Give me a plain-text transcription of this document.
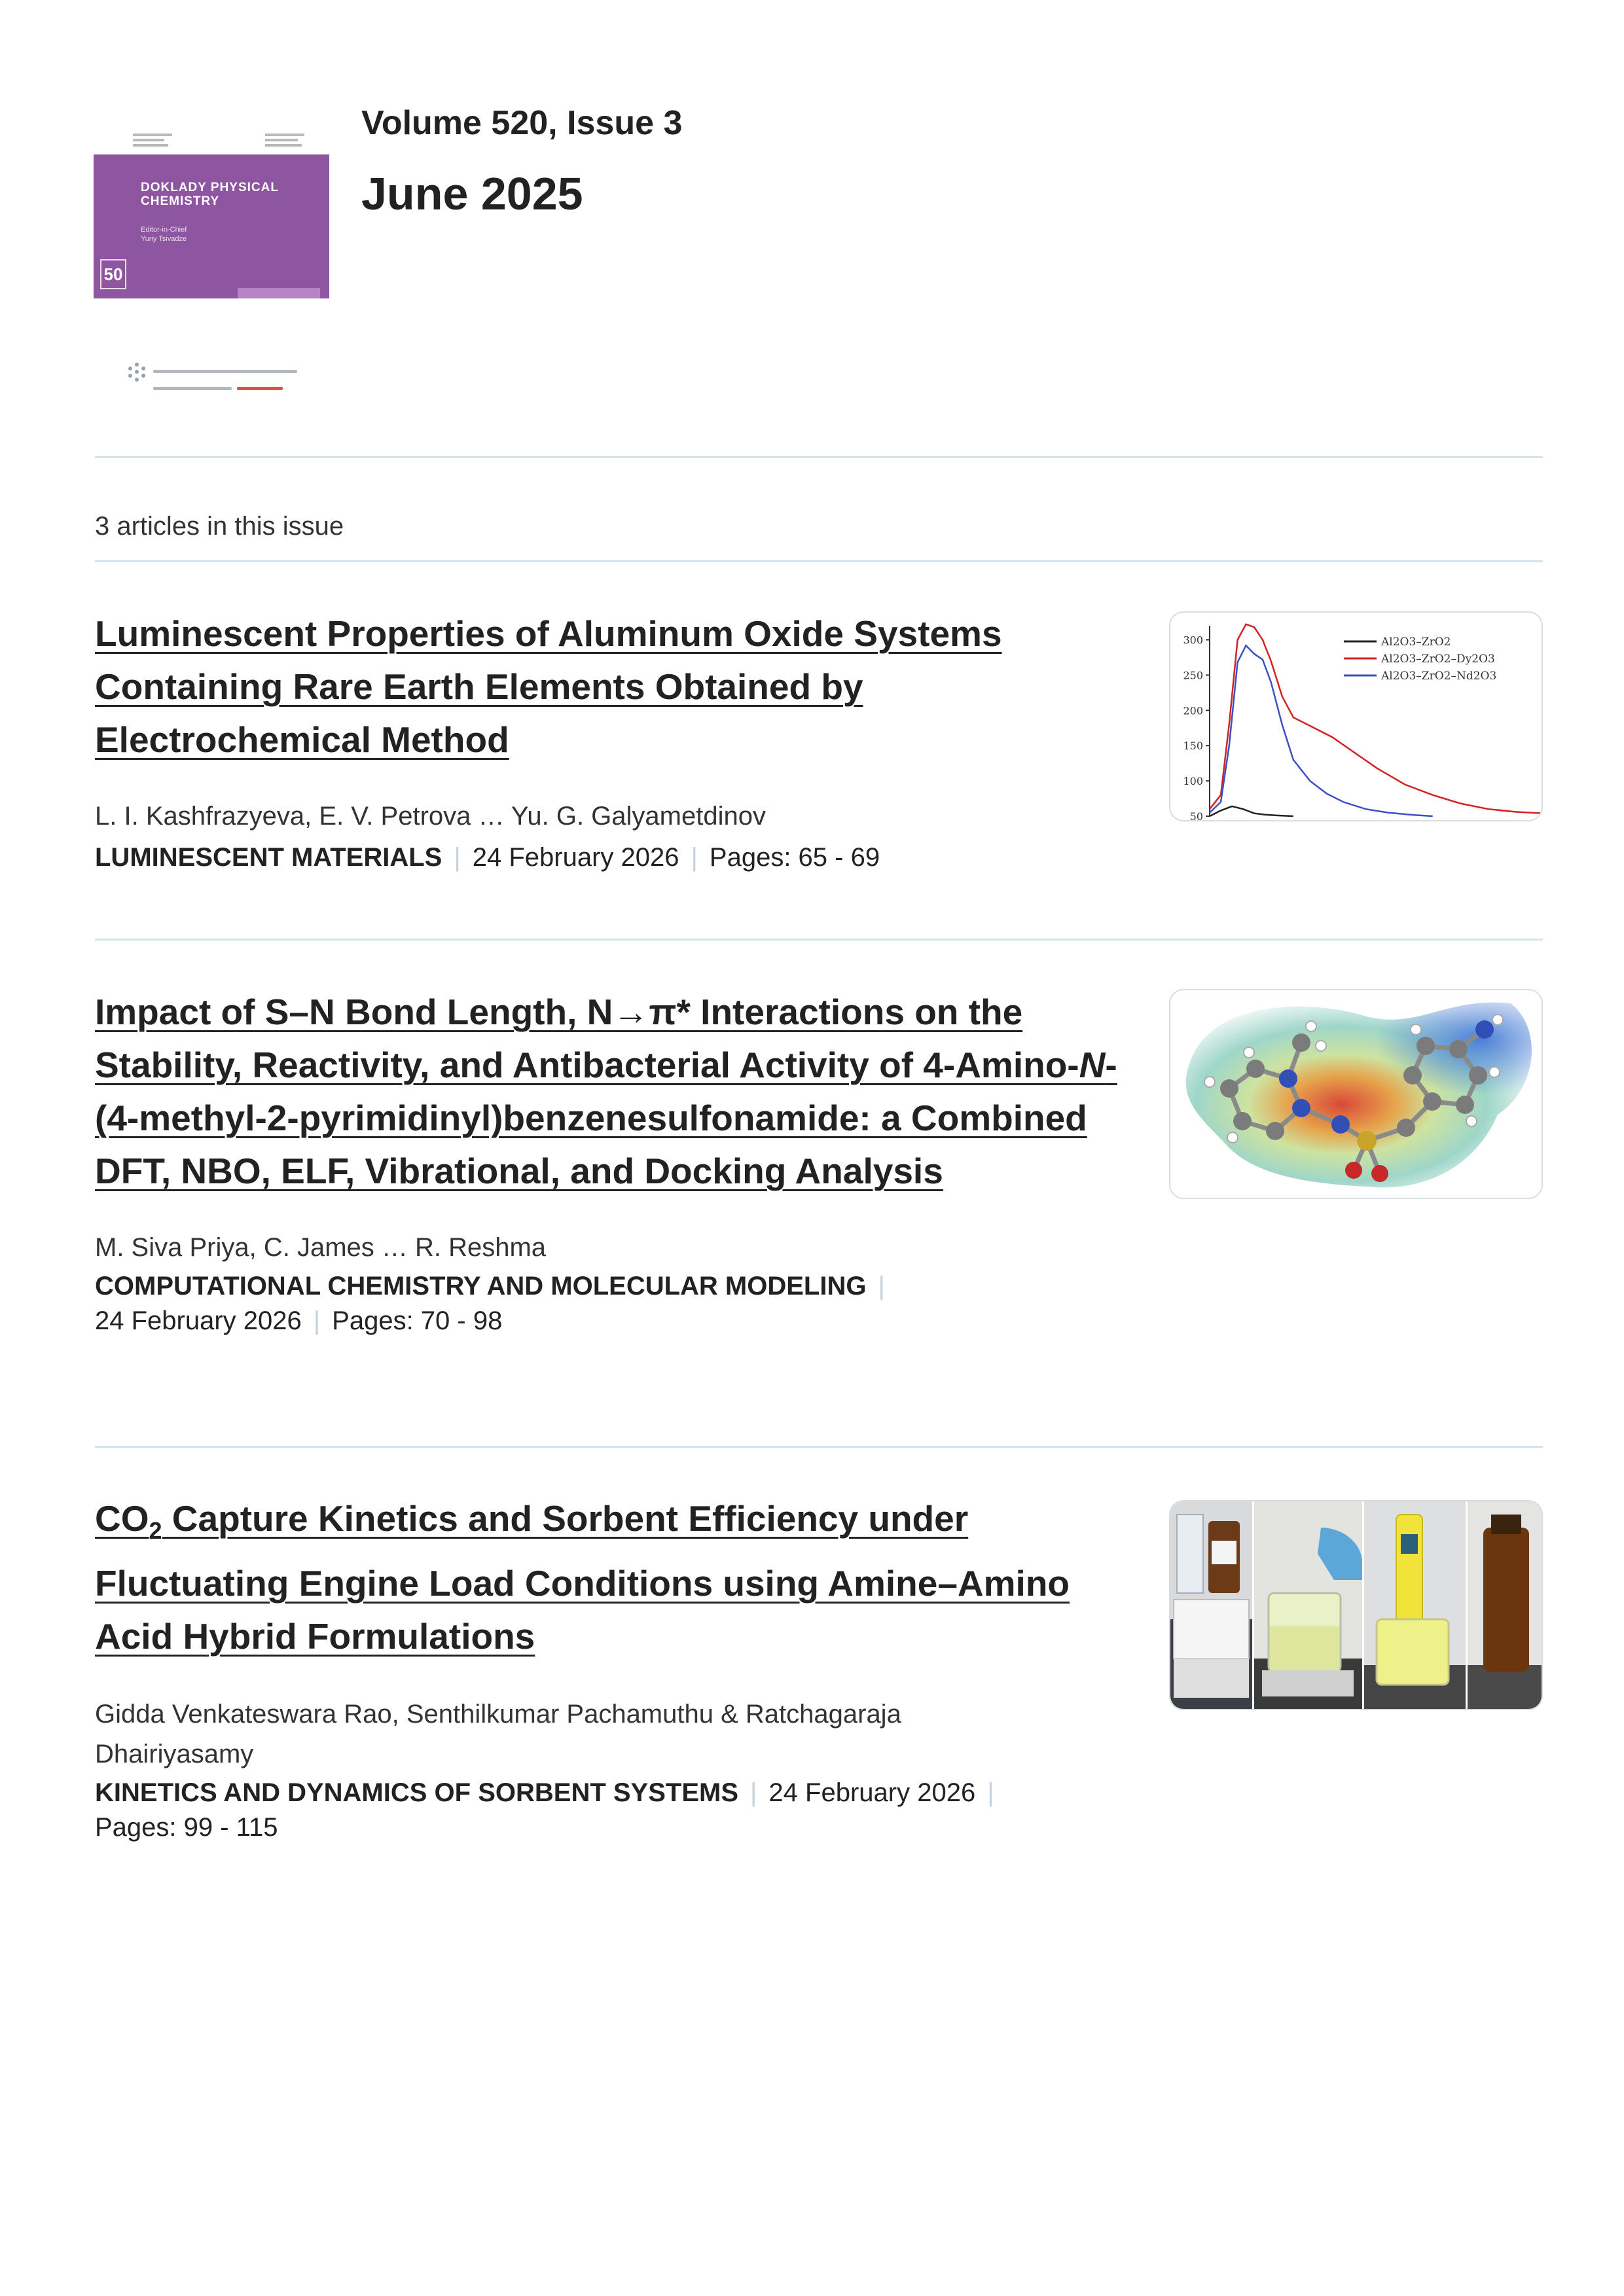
DOKLADY PHYSICAL
CHEMISTRY
Editor-in-Chief
Yuriy Tsivadze
50
Volume 520, Issue 3
June 2025
3 articles in this issue
Luminescent Properties of Aluminum Oxide Systems Containing Rare Earth Elements Obtained by Electrochemical Method
L. I. Kashfrazyeva, E. V. Petrova … Yu. G. Galyametdinov
LUMINESCENT MATERIALS | 24 February 2026 | Pages: 65 - 69
300
250
200
150
100
50
Al2O3–ZrO2
Al2O3–ZrO2–Dy2O3
Al2O3–ZrO2–Nd2O3
Impact of S–N Bond Length, N→π* Interactions on the Stability, Reactivity, and Antibacterial Activity of 4-Amino-N-(4-methyl-2-pyrimidinyl)benzenesulfonamide: a Combined DFT, NBO, ELF, Vibrational, and Docking Analysis
M. Siva Priya, C. James … R. Reshma
COMPUTATIONAL CHEMISTRY AND MOLECULAR MODELING |
24 February 2026 | Pages: 70 - 98
$CO_2$ Capture Kinetics and Sorbent Efficiency under Fluctuating Engine Load Conditions using Amine–Amino Acid Hybrid Formulations
Gidda Venkateswara Rao, Senthilkumar Pachamuthu & Ratchagaraja Dhairiyasamy
KINETICS AND DYNAMICS OF SORBENT SYSTEMS | 24 February 2026 |
Pages: 99 - 115
